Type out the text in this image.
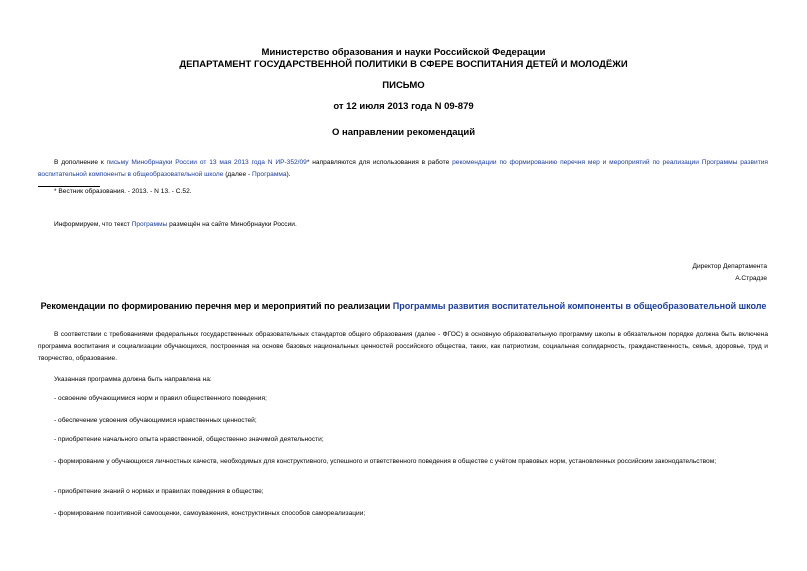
Министерство образования и науки Российской Федерации
ДЕПАРТАМЕНТ ГОСУДАРСТВЕННОЙ ПОЛИТИКИ В СФЕРЕ ВОСПИТАНИЯ ДЕТЕЙ И МОЛОДЁЖИ
ПИСЬМО
от 12 июля 2013 года N 09-879
О направлении рекомендаций
В дополнение к письму Минобрнауки России от 13 мая 2013 года N ИР-352/09* направляются для использования в работе рекомендации по формированию перечня мер и мероприятий по реализации Программы развития воспитательной компоненты в общеобразовательной школе (далее - Программа).
* Вестник образования. - 2013. - N 13. - С.52.
Информируем, что текст Программы размещён на сайте Минобрнауки России.
Директор Департамента
А.Страдзе
Рекомендации по формированию перечня мер и мероприятий по реализации Программы развития воспитательной компоненты в общеобразовательной школе
В соответствии с требованиями федеральных государственных образовательных стандартов общего образования (далее - ФГОС) в основную образовательную программу школы в обязательном порядке должна быть включена программа воспитания и социализации обучающихся, построенная на основе базовых национальных ценностей российского общества, таких, как патриотизм, социальная солидарность, гражданственность, семья, здоровье, труд и творчество, образование.
Указанная программа должна быть направлена на:
- освоение обучающимися норм и правил общественного поведения;
- обеспечение усвоения обучающимися нравственных ценностей;
- приобретение начального опыта нравственной, общественно значимой деятельности;
- формирование у обучающихся личностных качеств, необходимых для конструктивного, успешного и ответственного поведения в обществе с учётом правовых норм, установленных российским законодательством;
- приобретение знаний о нормах и правилах поведения в обществе;
- формирование позитивной самооценки, самоуважения, конструктивных способов самореализации;
